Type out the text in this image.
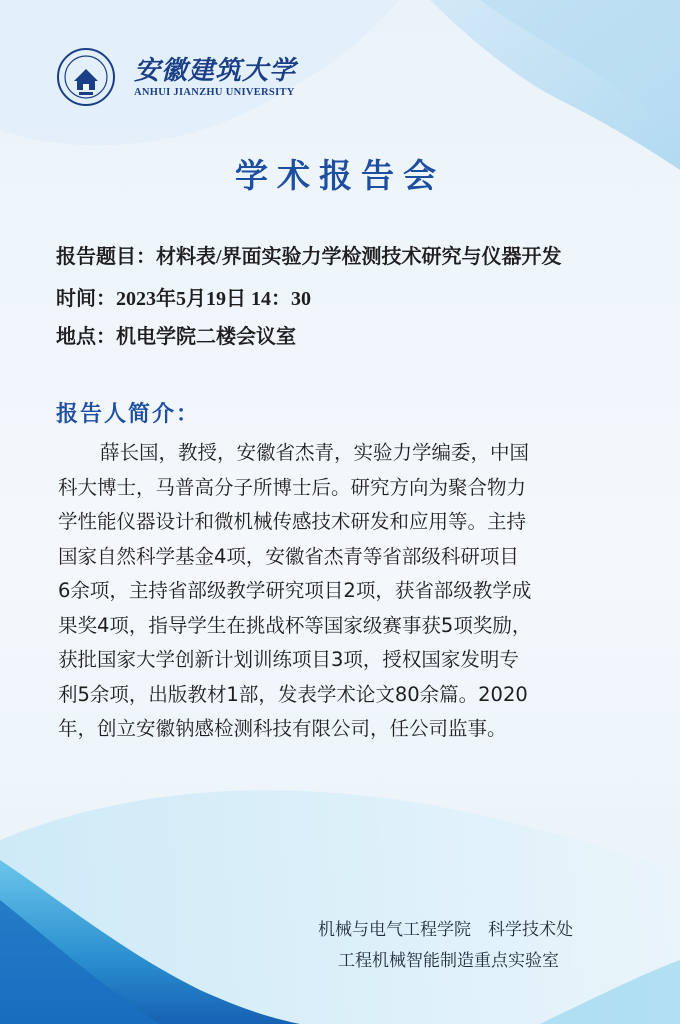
安徽建筑大学
ANHUI JIANZHU UNIVERSITY
学术报告会
报告题目：材料表/界面实验力学检测技术研究与仪器开发
时间：2023年5月19日 14：30
地点：机电学院二楼会议室
报告人简介：
薛长国，教授，安徽省杰青，实验力学编委，中国
科大博士，马普高分子所博士后。研究方向为聚合物力
学性能仪器设计和微机械传感技术研发和应用等。主持
国家自然科学基金4项，安徽省杰青等省部级科研项目
6余项，主持省部级教学研究项目2项，获省部级教学成
果奖4项，指导学生在挑战杯等国家级赛事获5项奖励，
获批国家大学创新计划训练项目3项，授权国家发明专
利5余项，出版教材1部，发表学术论文80余篇。2020
年，创立安徽钠感检测科技有限公司，任公司监事。
机械与电气工程学院　科学技术处
工程机械智能制造重点实验室
